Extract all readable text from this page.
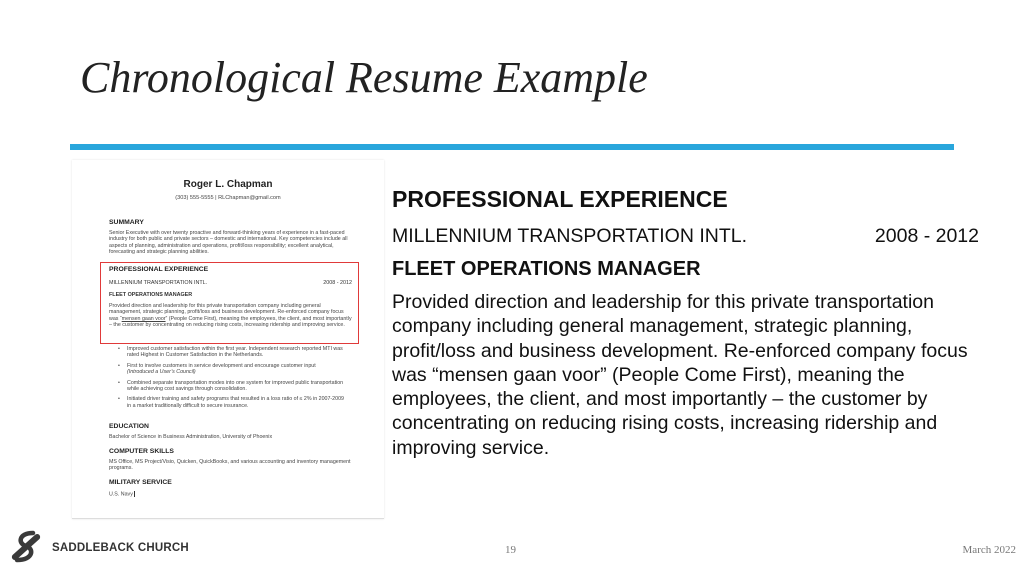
Chronological Resume Example
Roger L. Chapman
(303) 555-5555 | RLChapman@gmail.com
SUMMARY
Senior Executive with over twenty proactive and forward-thinking years of experience in a fast-paced industry for both public and private sectors – domestic and international. Key competencies include all aspects of planning, administration and operations, profit/loss responsibility; excellent analytical, forecasting and strategic planning abilities.
PROFESSIONAL EXPERIENCE
MILLENNIUM TRANSPORTATION INTL.	2008 - 2012
FLEET OPERATIONS MANAGER
Provided direction and leadership for this private transportation company including general management, strategic planning, profit/loss and business development. Re-enforced company focus was “mensen gaan voor” (People Come First), meaning the employees, the client, and most importantly – the customer by concentrating on reducing rising costs, increasing ridership and improving service.
• Improved customer satisfaction within the first year. Independent research reported MTI was rated Highest in Customer Satisfaction in the Netherlands.
• First to involve customers in service development and encourage customer input
(Introduced a User’s Council)
• Combined separate transportation modes into one system for improved public transportation while achieving cost savings through consolidation.
• Initiated driver training and safety programs that resulted in a loss ratio of ≤ 2% in 2007-2009 in a market traditionally difficult to secure insurance.
EDUCATION
Bachelor of Science in Business Administration, University of Phoenix
COMPUTER SKILLS
MS Office, MS Project/Visio, Quicken, QuickBooks, and various accounting and inventory management programs.
MILITARY SERVICE
U.S. Navy
PROFESSIONAL EXPERIENCE
MILLENNIUM TRANSPORTATION INTL.	2008 - 2012
FLEET OPERATIONS MANAGER
Provided direction and leadership for this private transportation company including general management, strategic planning, profit/loss and business development. Re-enforced company focus was “mensen gaan voor” (People Come First), meaning the employees, the client, and most importantly – the customer by concentrating on reducing rising costs, increasing ridership and improving service.
SADDLEBACK CHURCH	19	March 2022
